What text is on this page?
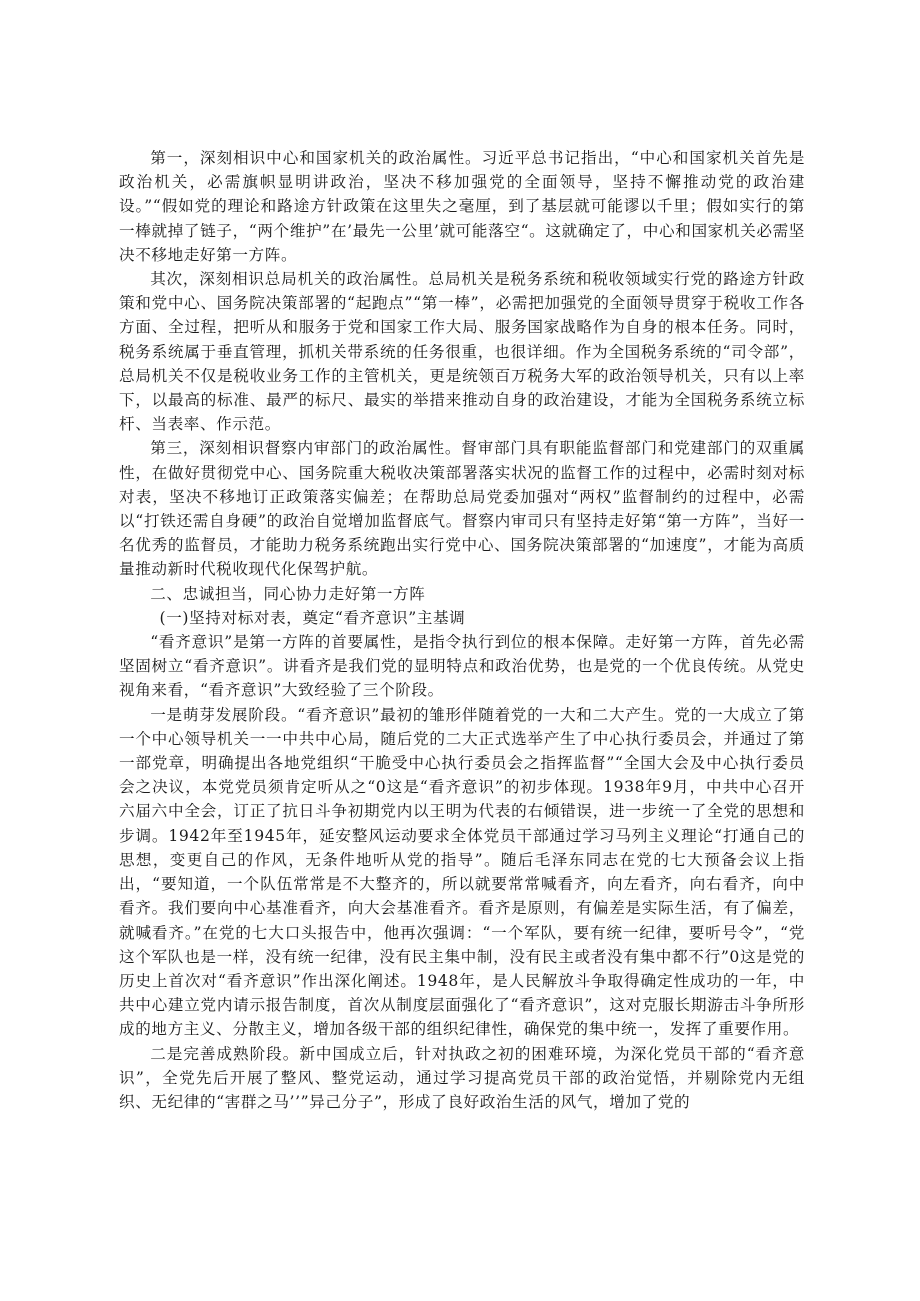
第一，深刻相识中心和国家机关的政治属性。习近平总书记指出，“中心和国家机关首先是政治机关，必需旗帜显明讲政治，坚决不移加强党的全面领导，坚持不懈推动党的政治建设。”“假如党的理论和路途方针政策在这里失之毫厘，到了基层就可能谬以千里；假如实行的第一棒就掉了链子，“两个维护”在’最先一公里’就可能落空“。这就确定了，中心和国家机关必需坚决不移地走好第一方阵。

其次，深刻相识总局机关的政治属性。总局机关是税务系统和税收领域实行党的路途方针政策和党中心、国务院决策部署的“起跑点”“第一棒”，必需把加强党的全面领导贯穿于税收工作各方面、全过程，把听从和服务于党和国家工作大局、服务国家战略作为自身的根本任务。同时，税务系统属于垂直管理，抓机关带系统的任务很重，也很详细。作为全国税务系统的“司令部”，总局机关不仅是税收业务工作的主管机关，更是统领百万税务大军的政治领导机关，只有以上率下，以最高的标准、最严的标尺、最实的举措来推动自身的政治建设，才能为全国税务系统立标杆、当表率、作示范。

第三，深刻相识督察内审部门的政治属性。督审部门具有职能监督部门和党建部门的双重属性，在做好贯彻党中心、国务院重大税收决策部署落实状况的监督工作的过程中，必需时刻对标对表，坚决不移地订正政策落实偏差；在帮助总局党委加强对“两权”监督制约的过程中，必需以“打铁还需自身硬”的政治自觉增加监督底气。督察内审司只有坚持走好第“第一方阵”，当好一名优秀的监督员，才能助力税务系统跑出实行党中心、国务院决策部署的“加速度”，才能为高质量推动新时代税收现代化保驾护航。

二、忠诚担当，同心协力走好第一方阵

(一)坚持对标对表，奠定“看齐意识”主基调

“看齐意识”是第一方阵的首要属性，是指令执行到位的根本保障。走好第一方阵，首先必需坚固树立“看齐意识”。讲看齐是我们党的显明特点和政治优势，也是党的一个优良传统。从党史视角来看，“看齐意识”大致经验了三个阶段。

一是萌芽发展阶段。“看齐意识”最初的雏形伴随着党的一大和二大产生。党的一大成立了第一个中心领导机关一一中共中心局，随后党的二大正式选举产生了中心执行委员会，并通过了第一部党章，明确提出各地党组织“干脆受中心执行委员会之指挥监督”“全国大会及中心执行委员会之决议，本党党员须肯定听从之“0这是“看齐意识”的初步体现。1938年9月，中共中心召开六届六中全会，订正了抗日斗争初期党内以王明为代表的右倾错误，进一步统一了全党的思想和步调。1942年至1945年，延安整风运动要求全体党员干部通过学习马列主义理论“打通自己的思想，变更自己的作风，无条件地听从党的指导”。随后毛泽东同志在党的七大预备会议上指出，“要知道，一个队伍常常是不大整齐的，所以就要常常喊看齐，向左看齐，向右看齐，向中看齐。我们要向中心基准看齐，向大会基准看齐。看齐是原则，有偏差是实际生活，有了偏差，就喊看齐。”在党的七大口头报告中，他再次强调：“一个军队，要有统一纪律，要听号令”，“党这个军队也是一样，没有统一纪律，没有民主集中制，没有民主或者没有集中都不行”0这是党的历史上首次对“看齐意识”作出深化阐述。1948年，是人民解放斗争取得确定性成功的一年，中共中心建立党内请示报告制度，首次从制度层面强化了“看齐意识”，这对克服长期游击斗争所形成的地方主义、分散主义，增加各级干部的组织纪律性，确保党的集中统一，发挥了重要作用。

二是完善成熟阶段。新中国成立后，针对执政之初的困难环境，为深化党员干部的“看齐意识”，全党先后开展了整风、整党运动，通过学习提高党员干部的政治觉悟，并剔除党内无组织、无纪律的“害群之马’’”异己分子”，形成了良好政治生活的风气，增加了党的
